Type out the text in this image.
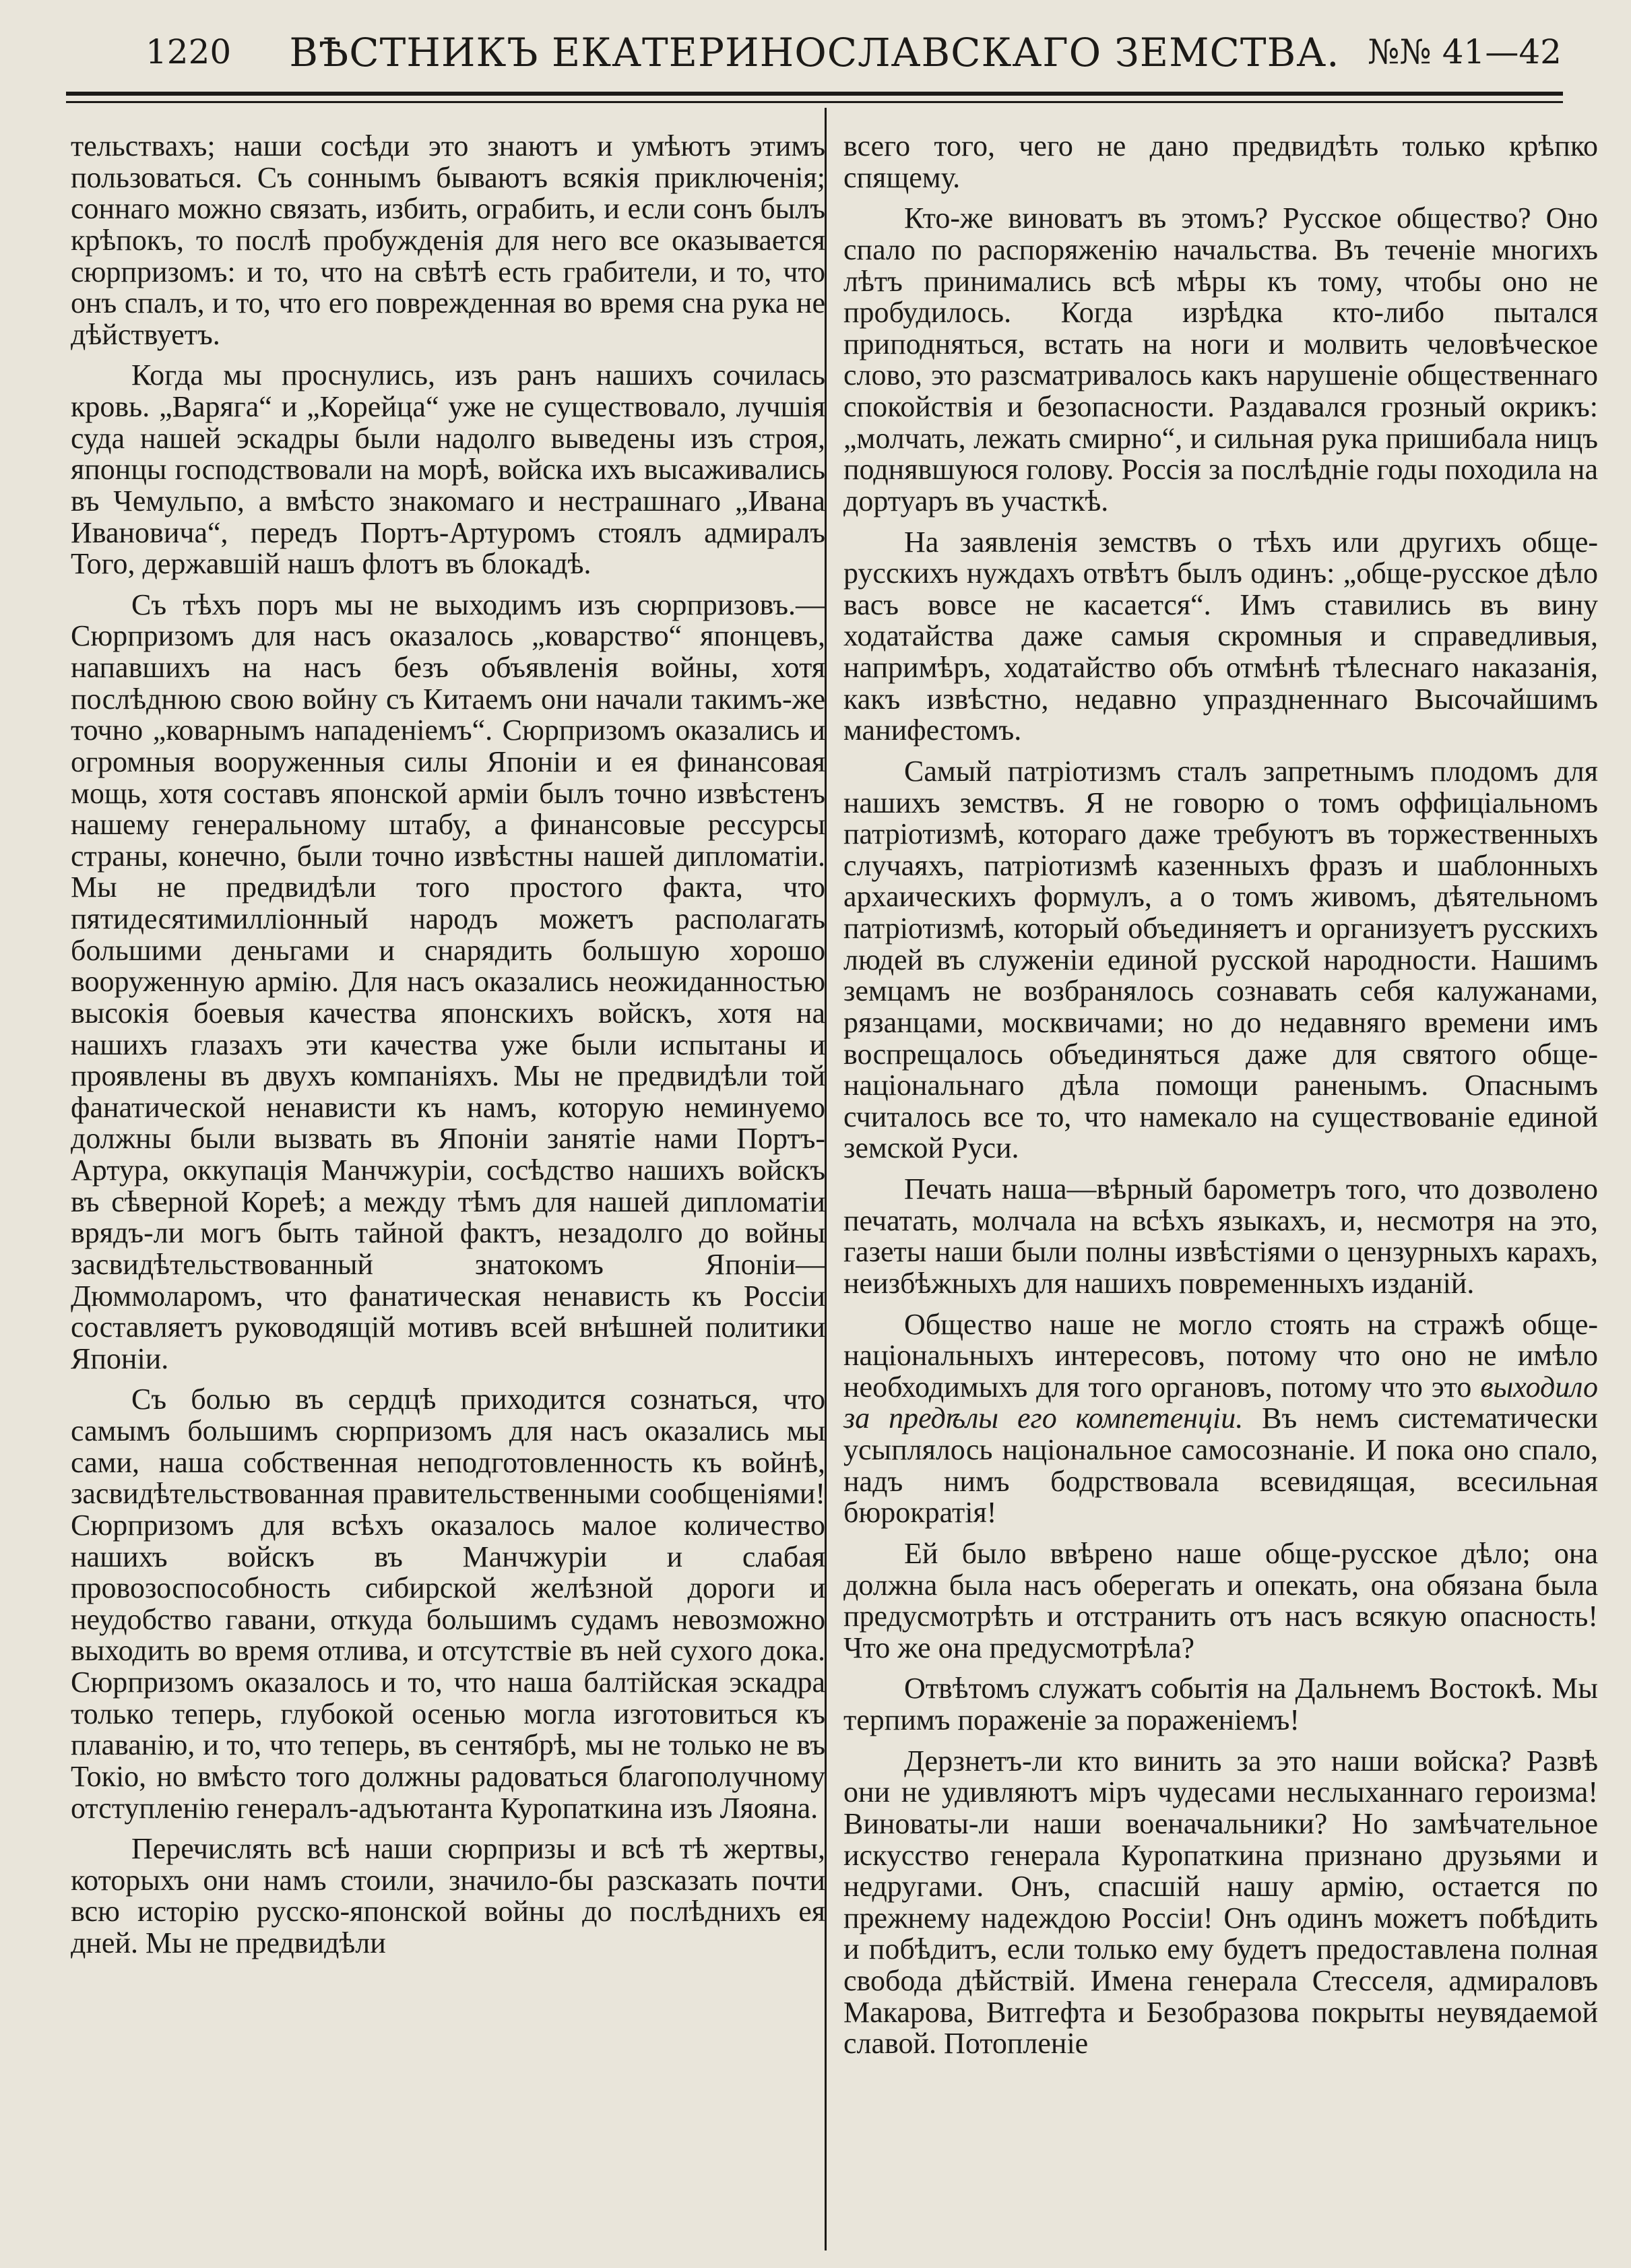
1220	ВѢСТНИКЪ ЕКАТЕРИНОСЛАВСКАГО ЗЕМСТВА. №№ 41—42

тельствахъ; наши сосѣди это знаютъ и умѣютъ этимъ пользоваться. Съ соннымъ бываютъ всякія приключенія; соннаго можно связать, избить, ограбить, и если сонъ былъ крѣпокъ, то послѣ пробужденія для него все оказывается сюрпризомъ: и то, что на свѣтѣ есть грабители, и то, что онъ спалъ, и то, что его поврежденная во время сна рука не дѣйствуетъ.

Когда мы проснулись, изъ ранъ нашихъ сочилась кровь. „Варяга“ и „Корейца“ уже не существовало, лучшія суда нашей эскадры были надолго выведены изъ строя, японцы господствовали на морѣ, войска ихъ высаживались въ Чемульпо, а вмѣсто знакомаго и нестрашнаго „Ивана Ивановича“, передъ Портъ-Артуромъ стоялъ адмиралъ Того, державшій нашъ флотъ въ блокадѣ.

Съ тѣхъ поръ мы не выходимъ изъ сюрпризовъ.—Сюрпризомъ для насъ оказалось „коварство“ японцевъ, напавшихъ на насъ безъ объявленія войны, хотя послѣднюю свою войну съ Китаемъ они начали такимъ-же точно „коварнымъ нападеніемъ“. Сюрпризомъ оказались и огромныя вооруженныя силы Японіи и ея финансовая мощь, хотя составъ японской арміи былъ точно извѣстенъ нашему генеральному штабу, а финансовые рессурсы страны, конечно, были точно извѣстны нашей дипломатіи. Мы не предвидѣли того простого факта, что пятидесятимилліонный народъ можетъ располагать большими деньгами и снарядить большую хорошо вооруженную армію. Для насъ оказались неожиданностью высокія боевыя качества японскихъ войскъ, хотя на нашихъ глазахъ эти качества уже были испытаны и проявлены въ двухъ компаніяхъ. Мы не предвидѣли той фанатической ненависти къ намъ, которую неминуемо должны были вызвать въ Японіи занятіе нами Портъ-Артура, оккупація Манчжуріи, сосѣдство нашихъ войскъ въ сѣверной Кореѣ; а между тѣмъ для нашей дипломатіи врядъ-ли могъ быть тайной фактъ, незадолго до войны засвидѣтельствованный знатокомъ Японіи—Дюммоларомъ, что фанатическая ненависть къ Россіи составляетъ руководящій мотивъ всей внѣшней политики Японіи.

Съ болью въ сердцѣ приходится сознаться, что самымъ большимъ сюрпризомъ для насъ оказались мы сами, наша собственная неподготовленность къ войнѣ, засвидѣтельствованная правительственными сообщеніями! Сюрпризомъ для всѣхъ оказалось малое количество нашихъ войскъ въ Манчжуріи и слабая провозоспособность сибирской желѣзной дороги и неудобство гавани, откуда большимъ судамъ невозможно выходить во время отлива, и отсутствіе въ ней сухого дока. Сюрпризомъ оказалось и то, что наша балтійская эскадра только теперь, глубокой осенью могла изготовиться къ плаванію, и то, что теперь, въ сентябрѣ, мы не только не въ Токіо, но вмѣсто того должны радоваться благополучному отступленію генералъ-адъютанта Куропаткина изъ Ляояна.

Перечислять всѣ наши сюрпризы и всѣ тѣ жертвы, которыхъ они намъ стоили, значило-бы разсказать почти всю исторію русско-японской войны до послѣднихъ ея дней. Мы не предвидѣли

всего того, чего не дано предвидѣть только крѣпко спящему.

Кто-же виноватъ въ этомъ? Русское общество? Оно спало по распоряженію начальства. Въ теченіе многихъ лѣтъ принимались всѣ мѣры къ тому, чтобы оно не пробудилось. Когда изрѣдка кто-либо пытался приподняться, встать на ноги и молвить человѣческое слово, это разсматривалось какъ нарушеніе общественнаго спокойствія и безопасности. Раздавался грозный окрикъ: „молчать, лежать смирно“, и сильная рука пришибала ницъ поднявшуюся голову. Россія за послѣдніе годы походила на дортуаръ въ участкѣ.

На заявленія земствъ о тѣхъ или другихъ обще-русскихъ нуждахъ отвѣтъ былъ одинъ: „обще-русское дѣло васъ вовсе не касается“. Имъ ставились въ вину ходатайства даже самыя скромныя и справедливыя, напримѣръ, ходатайство объ отмѣнѣ тѣлеснаго наказанія, какъ извѣстно, недавно упраздненнаго Высочайшимъ манифестомъ.

Самый патріотизмъ сталъ запретнымъ плодомъ для нашихъ земствъ. Я не говорю о томъ оффиціальномъ патріотизмѣ, котораго даже требуютъ въ торжественныхъ случаяхъ, патріотизмѣ казенныхъ фразъ и шаблонныхъ архаическихъ формулъ, а о томъ живомъ, дѣятельномъ патріотизмѣ, который объединяетъ и организуетъ русскихъ людей въ служеніи единой русской народности. Нашимъ земцамъ не возбранялось сознавать себя калужанами, рязанцами, москвичами; но до недавняго времени имъ воспрещалось объединяться даже для святого обще-національнаго дѣла помощи раненымъ. Опаснымъ считалось все то, что намекало на существованіе единой земской Руси.

Печать наша—вѣрный барометръ того, что дозволено печатать, молчала на всѣхъ языкахъ, и, несмотря на это, газеты наши были полны извѣстіями о цензурныхъ карахъ, неизбѣжныхъ для нашихъ повременныхъ изданій.

Общество наше не могло стоять на стражѣ обще-національныхъ интересовъ, потому что оно не имѣло необходимыхъ для того органовъ, потому что это выходило за предѣлы его компетенціи. Въ немъ систематически усыплялось національное самосознаніе. И пока оно спало, надъ нимъ бодрствовала всевидящая, всесильная бюрократія!

Ей было ввѣрено наше обще-русское дѣло; она должна была насъ оберегать и опекать, она обязана была предусмотрѣть и отстранить отъ насъ всякую опасность! Что же она предусмотрѣла?

Отвѣтомъ служатъ событія на Дальнемъ Востокѣ. Мы терпимъ пораженіе за пораженіемъ!

Дерзнетъ-ли кто винить за это наши войска? Развѣ они не удивляютъ міръ чудесами неслыханнаго героизма! Виноваты-ли наши военачальники? Но замѣчательное искусство генерала Куропаткина признано друзьями и недругами. Онъ, спасшій нашу армію, остается по прежнему надеждою Россіи! Онъ одинъ можетъ побѣдить и побѣдитъ, если только ему будетъ предоставлена полная свобода дѣйствій. Имена генерала Стесселя, адмираловъ Макарова, Витгефта и Безобразова покрыты неувядаемой славой. Потопленіе
